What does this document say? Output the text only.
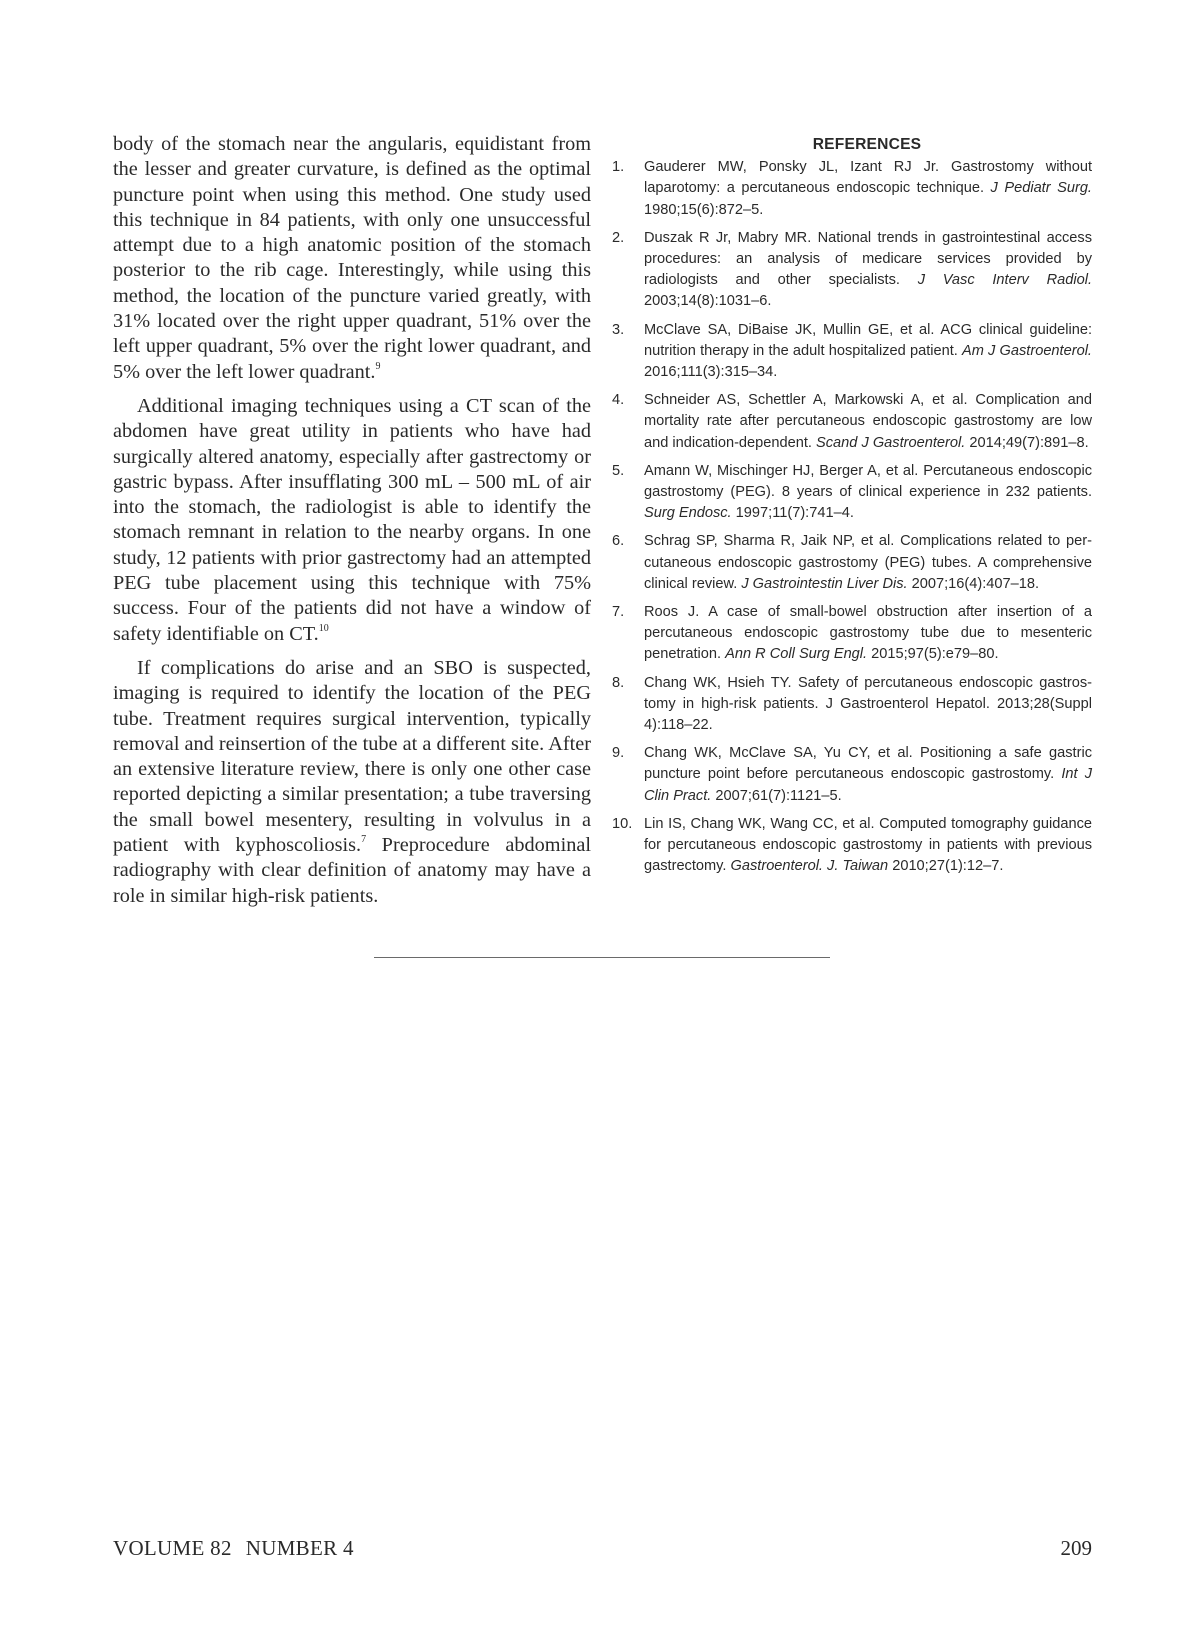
body of the stomach near the angularis, equidistant from the lesser and greater curvature, is defined as the optimal puncture point when using this method. One study used this technique in 84 patients, with only one unsuccessful attempt due to a high anatomic position of the stomach posterior to the rib cage. Interestingly, while using this method, the location of the puncture varied greatly, with 31% located over the right upper quadrant, 51% over the left upper quadrant, 5% over the right lower quadrant, and 5% over the left lower quadrant.$^9$

Additional imaging techniques using a CT scan of the abdomen have great utility in patients who have had surgically altered anatomy, especially after gastrectomy or gastric bypass. After insufflating 300 mL – 500 mL of air into the stomach, the radiologist is able to identify the stomach remnant in relation to the nearby organs. In one study, 12 patients with prior gastrectomy had an attempted PEG tube placement using this technique with 75% success. Four of the patients did not have a window of safety identifiable on CT.$^{10}$

If complications do arise and an SBO is suspected, imaging is required to identify the location of the PEG tube. Treatment requires surgical intervention, typically removal and reinsertion of the tube at a different site. After an extensive literature review, there is only one other case reported depicting a similar presentation; a tube traversing the small bowel mesentery, resulting in volvulus in a patient with kyphoscoliosis.$^7$ Preprocedure abdominal radiography with clear definition of anatomy may have a role in similar high-risk patients.

REFERENCES
1.	Gauderer MW, Ponsky JL, Izant RJ Jr. Gastrostomy without laparotomy: a percutaneous endoscopic technique. J Pediatr Surg. 1980;15(6):872–5.
2.	Duszak R Jr, Mabry MR. National trends in gastrointestinal access procedures: an analysis of medicare services provided by radiologists and other specialists. J Vasc Interv Radiol. 2003;14(8):1031–6.
3.	McClave SA, DiBaise JK, Mullin GE, et al. ACG clinical guideline: nutrition therapy in the adult hospitalized patient. Am J Gastroenterol. 2016;111(3):315–34.
4.	Schneider AS, Schettler A, Markowski A, et al. Complication and mortality rate after percutaneous endoscopic gastrostomy are low and indication-dependent. Scand J Gastroenterol. 2014;49(7):891–8.
5.	Amann W, Mischinger HJ, Berger A, et al. Percutaneous endoscopic gastrostomy (PEG). 8 years of clinical experience in 232 patients. Surg Endosc. 1997;11(7):741–4.
6.	Schrag SP, Sharma R, Jaik NP, et al. Complications related to percutaneous endoscopic gastrostomy (PEG) tubes. A comprehensive clinical review. J Gastrointestin Liver Dis. 2007;16(4):407–18.
7.	Roos J. A case of small-bowel obstruction after insertion of a percutaneous endoscopic gastrostomy tube due to mesenteric penetration. Ann R Coll Surg Engl. 2015;97(5):e79–80.
8.	Chang WK, Hsieh TY. Safety of percutaneous endoscopic gastrostomy in high-risk patients. J Gastroenterol Hepatol. 2013;28(Suppl 4):118–22.
9.	Chang WK, McClave SA, Yu CY, et al. Positioning a safe gastric puncture point before percutaneous endoscopic gastrostomy. Int J Clin Pract. 2007;61(7):1121–5.
10. Lin IS, Chang WK, Wang CC, et al. Computed tomography guidance for percutaneous endoscopic gastrostomy in patients with previous gastrectomy. Gastroenterol. J. Taiwan 2010;27(1):12–7.
VOLUME 82 NUMBER 4	209
